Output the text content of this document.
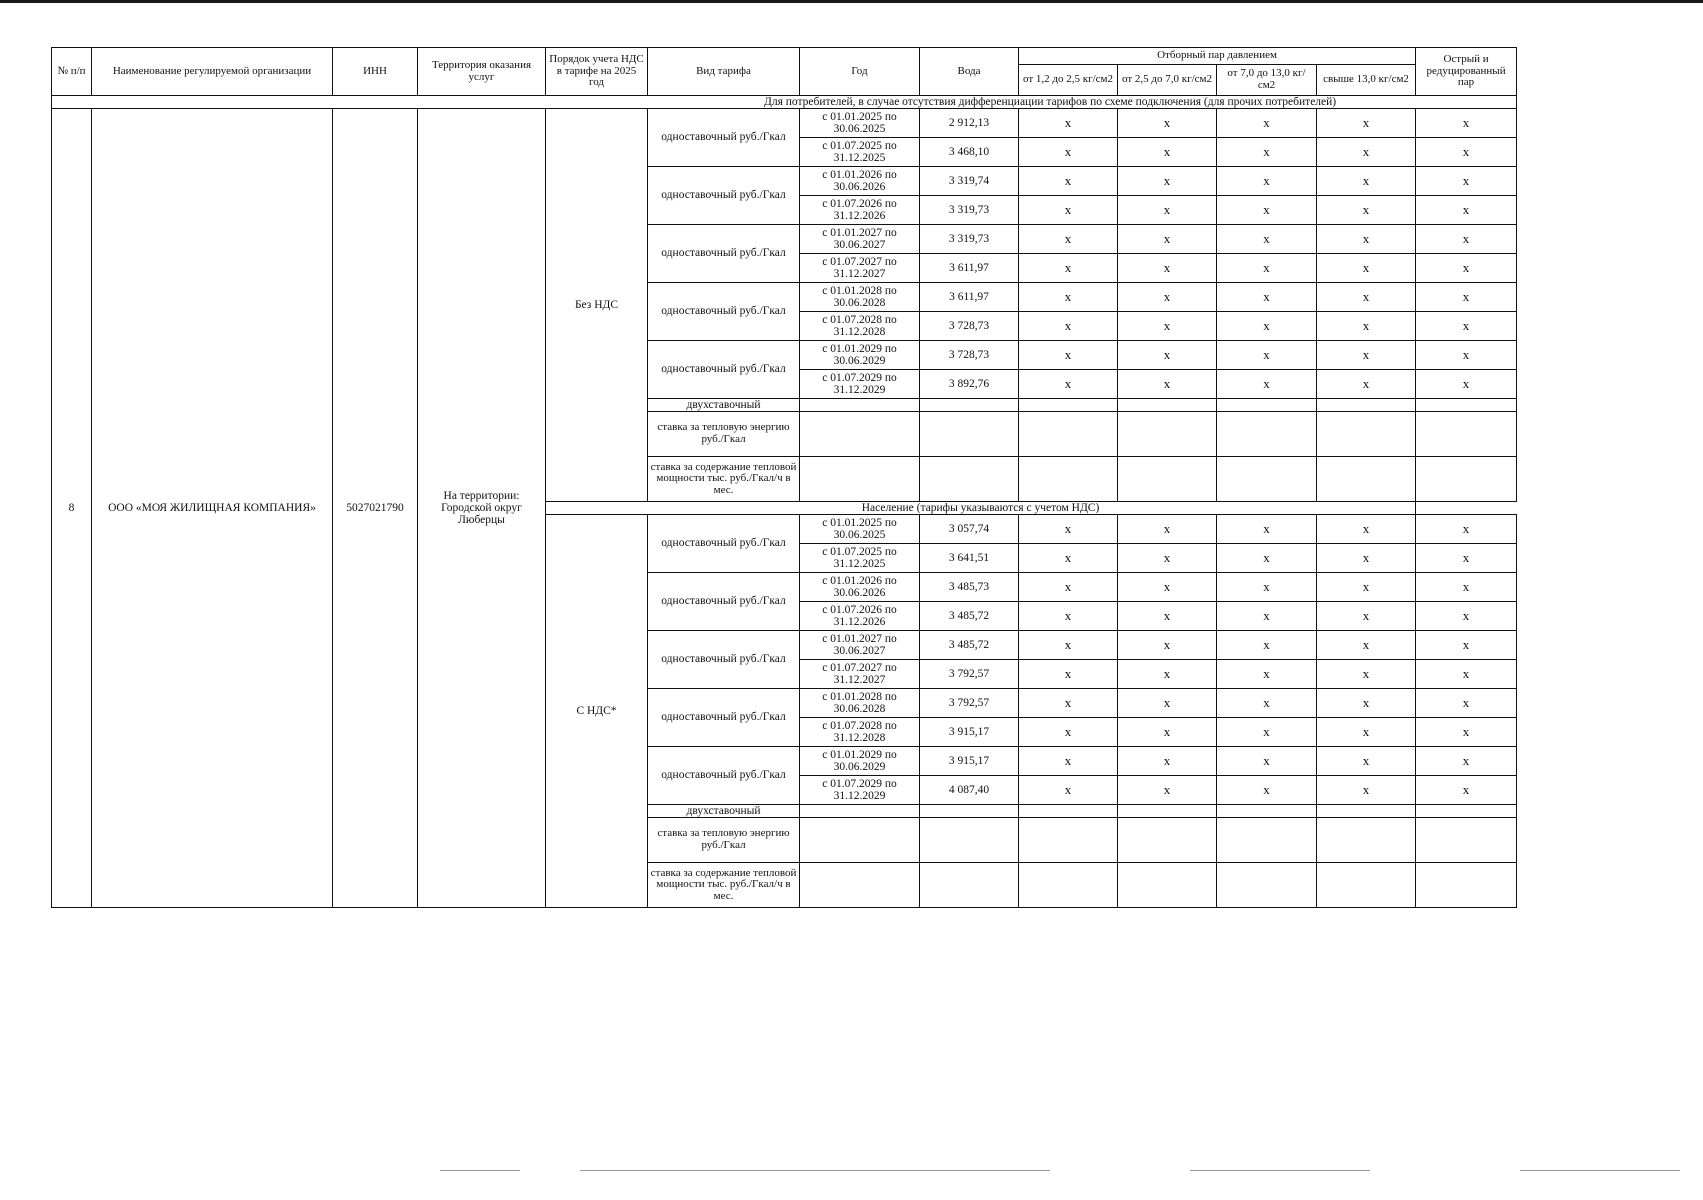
№ п/п	Наименование регулируемой организации	ИНН	Территория оказания услуг	Порядок учета НДС в тарифе на 2025 год	Вид тарифа	Год	Вода	Отборный пар давлением				Острый и редуцированный пар
								от 1,2 до 2,5 кг/см2	от 2,5 до 7,0 кг/см2	от 7,0 до 13,0 кг/см2	свыше 13,0 кг/см2	
Для потребителей, в случае отсутствия дифференциации тарифов по схеме подключения (для прочих потребителей)												
8	ООО «МОЯ ЖИЛИЩНАЯ КОМПАНИЯ»	5027021790	На территории: Городской округ Люберцы	Без НДС	одноставочный руб./Гкал	с 01.01.2025 по 30.06.2025	2 912,13	x	x	x	x	x
						с 01.07.2025 по 31.12.2025	3 468,10	x	x	x	x	x
					одноставочный руб./Гкал	с 01.01.2026 по 30.06.2026	3 319,74	x	x	x	x	x
						с 01.07.2026 по 31.12.2026	3 319,73	x	x	x	x	x
					одноставочный руб./Гкал	с 01.01.2027 по 30.06.2027	3 319,73	x	x	x	x	x
						с 01.07.2027 по 31.12.2027	3 611,97	x	x	x	x	x
					одноставочный руб./Гкал	с 01.01.2028 по 30.06.2028	3 611,97	x	x	x	x	x
						с 01.07.2028 по 31.12.2028	3 728,73	x	x	x	x	x
					одноставочный руб./Гкал	с 01.01.2029 по 30.06.2029	3 728,73	x	x	x	x	x
						с 01.07.2029 по 31.12.2029	3 892,76	x	x	x	x	x
					двухставочный							
					ставка за тепловую энергию руб./Гкал							
					ставка за содержание тепловой мощности тыс. руб./Гкал/ч в мес.							
				Население (тарифы указываются с учетом НДС)								
				С НДС*	одноставочный руб./Гкал	с 01.01.2025 по 30.06.2025	3 057,74	x	x	x	x	x
						с 01.07.2025 по 31.12.2025	3 641,51	x	x	x	x	x
					одноставочный руб./Гкал	с 01.01.2026 по 30.06.2026	3 485,73	x	x	x	x	x
						с 01.07.2026 по 31.12.2026	3 485,72	x	x	x	x	x
					одноставочный руб./Гкал	с 01.01.2027 по 30.06.2027	3 485,72	x	x	x	x	x
						с 01.07.2027 по 31.12.2027	3 792,57	x	x	x	x	x
					одноставочный руб./Гкал	с 01.01.2028 по 30.06.2028	3 792,57	x	x	x	x	x
						с 01.07.2028 по 31.12.2028	3 915,17	x	x	x	x	x
					одноставочный руб./Гкал	с 01.01.2029 по 30.06.2029	3 915,17	x	x	x	x	x
						с 01.07.2029 по 31.12.2029	4 087,40	x	x	x	x	x
					двухставочный							
					ставка за тепловую энергию руб./Гкал							
					ставка за содержание тепловой мощности тыс. руб./Гкал/ч в мес.							
